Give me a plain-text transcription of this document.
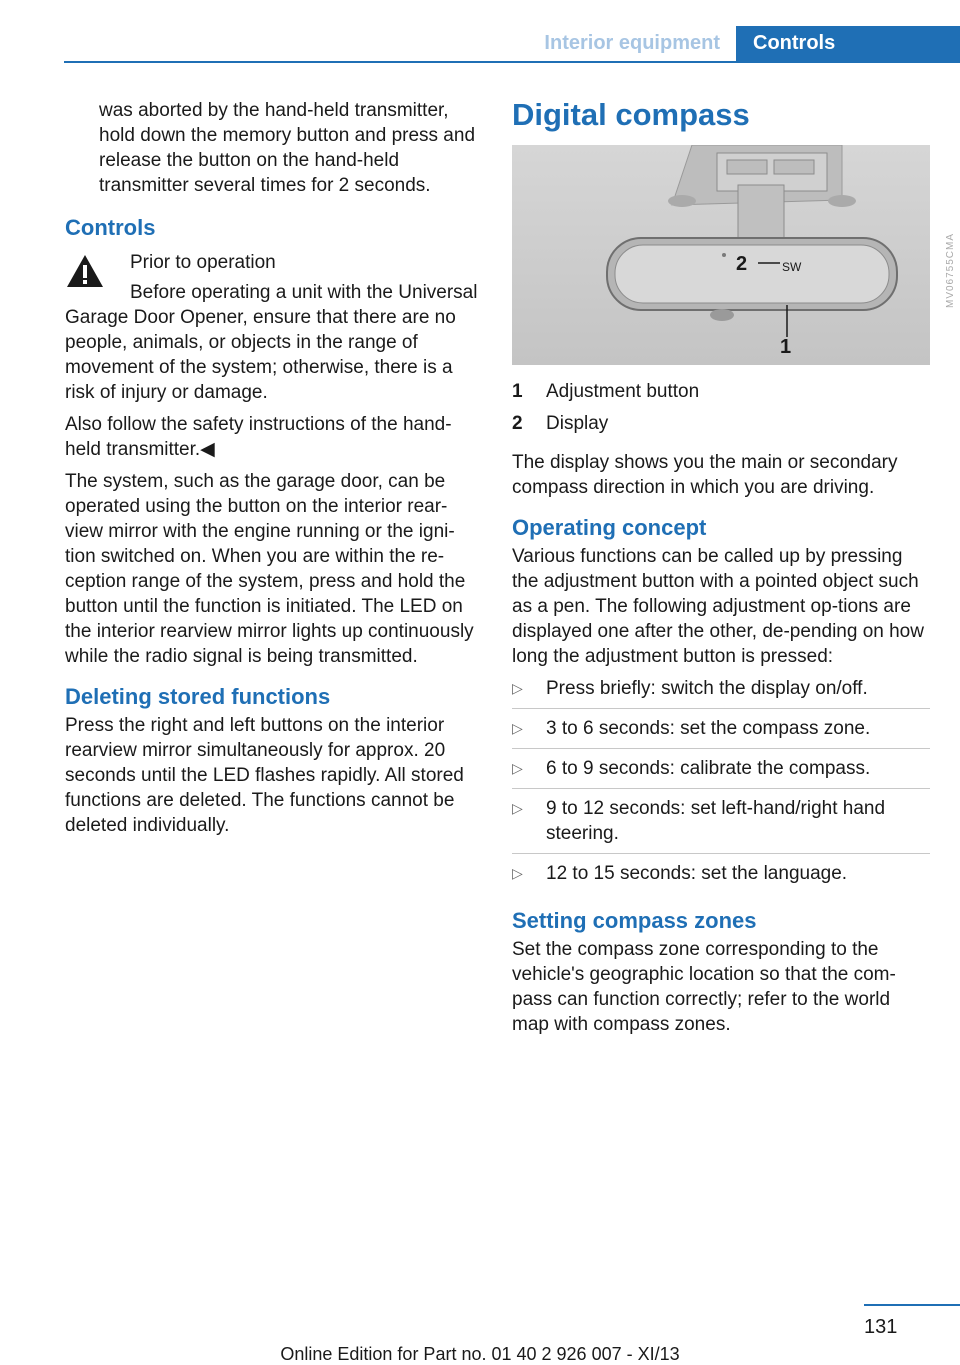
Interior equipment	Controls

was aborted by the hand-held transmitter, hold down the memory button and press and release the button on the hand-held transmitter several times for 2 seconds.

Controls

Prior to operation

Before operating a unit with the Universal Garage Door Opener, ensure that there are no people, animals, or objects in the range of movement of the system; otherwise, there is a risk of injury or damage.

Also follow the safety instructions of the hand-held transmitter.◀

The system, such as the garage door, can be operated using the button on the interior rear-view mirror with the engine running or the igni-tion switched on. When you are within the re-ception range of the system, press and hold the button until the function is initiated. The LED on the interior rearview mirror lights up continuously while the radio signal is being transmitted.

Deleting stored functions

Press the right and left buttons on the interior rearview mirror simultaneously for approx. 20 seconds until the LED flashes rapidly. All stored functions are deleted. The functions cannot be deleted individually.

Digital compass
2	SW
1
MV06755CMA
1	Adjustment button
2	Display

The display shows you the main or secondary compass direction in which you are driving.

Operating concept

Various functions can be called up by pressing the adjustment button with a pointed object such as a pen. The following adjustment op-tions are displayed one after the other, de-pending on how long the adjustment button is pressed:

▷ Press briefly: switch the display on/off.
▷ 3 to 6 seconds: set the compass zone.
▷ 6 to 9 seconds: calibrate the compass.
▷ 9 to 12 seconds: set left-hand/right hand steering.
▷ 12 to 15 seconds: set the language.
Setting compass zones

Set the compass zone corresponding to the vehicle's geographic location so that the com-pass can function correctly; refer to the world map with compass zones.

131
Online Edition for Part no. 01 40 2 926 007 - XI/13
